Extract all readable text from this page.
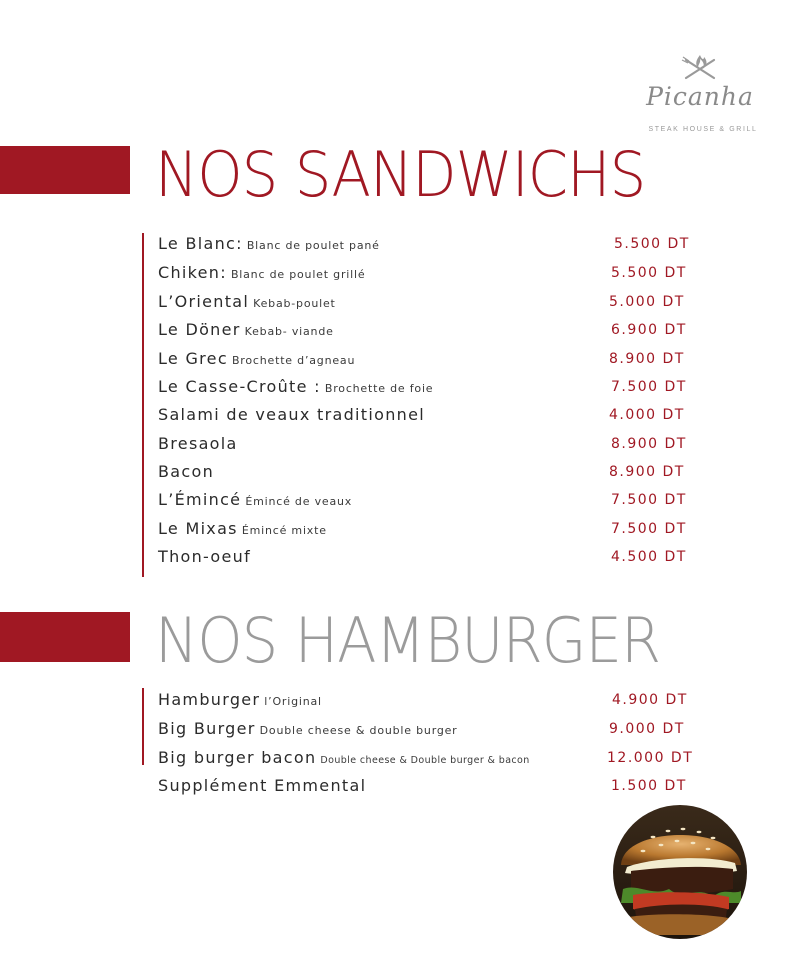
Picanha
STEAK HOUSE & GRILL
NOS SANDWICHS
Le Blanc: Blanc de poulet pané	5.500 DT
Chiken: Blanc de poulet grillé	5.500 DT
L’Oriental Kebab-poulet	5.000 DT
Le Döner Kebab- viande	6.900 DT
Le Grec Brochette d’agneau	8.900 DT
Le Casse-Croûte : Brochette de foie	7.500 DT
Salami de veaux traditionnel	4.000 DT
Bresaola	8.900 DT
Bacon	8.900 DT
L’Émincé Émincé de veaux	7.500 DT
Le Mixas Émincé mixte	7.500 DT
Thon-oeuf	4.500 DT
NOS HAMBURGER
Hamburger l’Original	4.900 DT
Big Burger Double cheese & double burger	9.000 DT
Big burger bacon Double cheese & Double burger & bacon	12.000 DT
Supplément Emmental	1.500 DT
